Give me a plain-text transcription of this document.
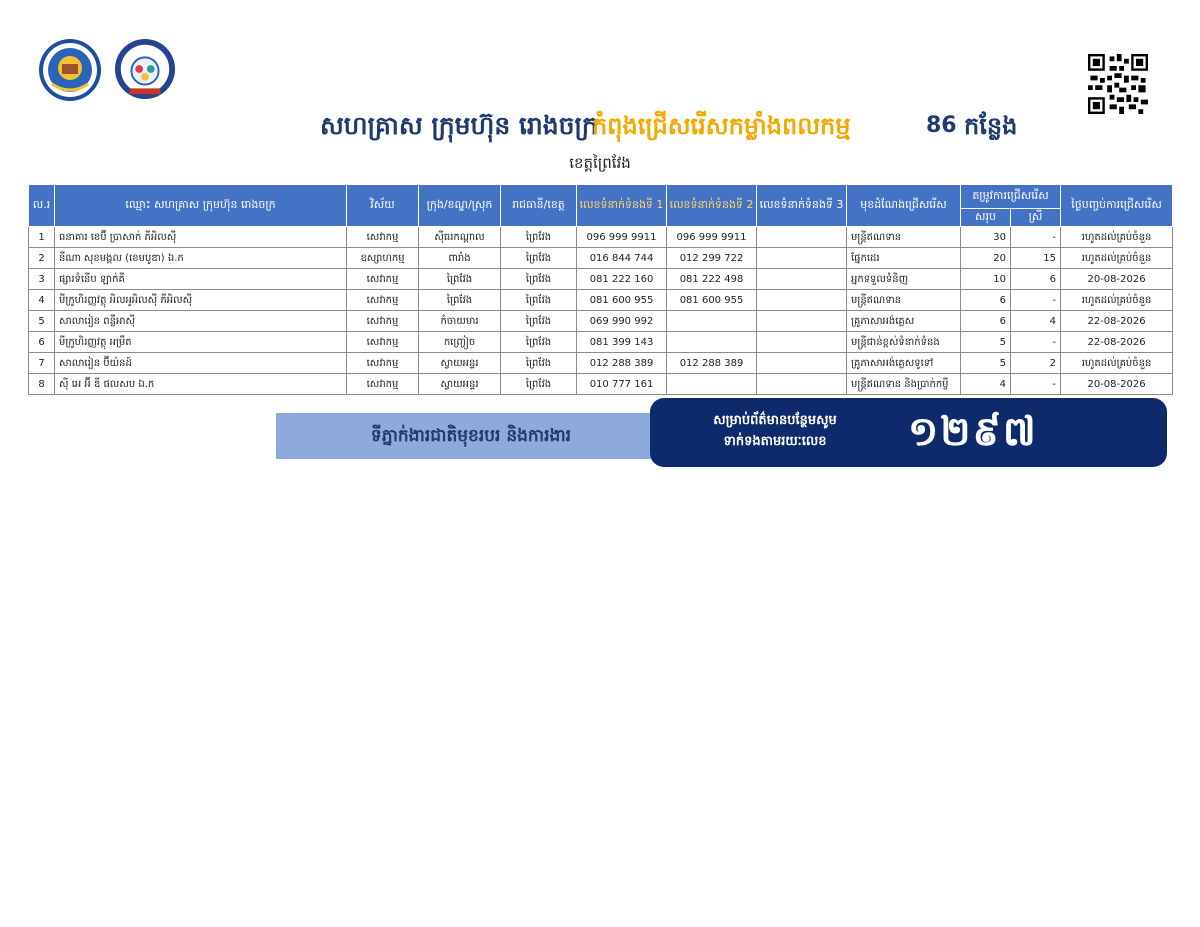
សហគ្រាស ក្រុមហ៊ុន រោងចក្រ
កំពុងជ្រើសរើសកម្លាំងពលកម្ម	86 កន្លែង
ខេត្តព្រៃវែង
ល.រ	ឈ្មោះ សហគ្រាស ក្រុមហ៊ុន រោងចក្រ	វិស័យ	ក្រុង/ខណ្ឌ/ស្រុក	រាជធានី/ខេត្ត	លេខទំនាក់ទំនងទី 1	លេខទំនាក់ទំនងទី 2	លេខទំនាក់ទំនងទី 3	មុខដំណែងជ្រើសរើស	តម្រូវការជ្រើសរើស		ថ្ងៃបញ្ចប់ការជ្រើសរើស
									សរុប	ស្រី	
1	ធនាគារ ខេប៊ី ប្រាសាក់ ភីអិលស៊ី	សេវាកម្ម	ស៊ីធរកណ្ដាល	ព្រៃវែង	096 999 9911	096 999 9911		មន្រ្តីឥណទាន	30	-	រហូតដល់គ្រប់ចំនួន
2	នីណា សុខមង្គល (ខេមបូឌា) ឯ.ក	ឧស្សាហកម្ម	ពារាំង	ព្រៃវែង	016 844 744	012 299 722		ផ្នែកដេរ	20	15	រហូតដល់គ្រប់ចំនួន
3	ផ្សារទំនើប ឡាក់គី	សេវាកម្ម	ព្រៃវែង	ព្រៃវែង	081 222 160	081 222 498		អ្នកទទួលទំនិញ	10	6	20-08-2026
4	មីក្រូហិរញ្ញវត្ថុ អិលអូអិលស៊ី ភីអិលស៊ី	សេវាកម្ម	ព្រៃវែង	ព្រៃវែង	081 600 955	081 600 955		មន្រ្តីឥណទាន	6	-	រហូតដល់គ្រប់ចំនួន
5	សាលារៀន ពន្លឺអាស៊ី	សេវាកម្ម	កំចាយមារ	ព្រៃវែង	069 990 992			គ្រូភាសាអង់គ្លេស	6	4	22-08-2026
6	មីក្រូហិរញ្ញវត្ថុ អម្រឹត	សេវាកម្ម	កញ្ច្រៀច	ព្រៃវែង	081 399 143			មន្រ្តីជាន់ខ្ពស់ទំនាក់ទំនង	5	-	22-08-2026
7	សាលារៀន ប៊ីយ៉នដ៍	សេវាកម្ម	ស្វាយអន្ទរ	ព្រៃវែង	012 288 389	012 288 389		គ្រូភាសាអង់គ្លេសទូទៅ	5	2	រហូតដល់គ្រប់ចំនួន
8	ស៊ី អេ អ៊ី ឌី ផលសប ឯ.ក	សេវាកម្ម	ស្វាយអន្ទរ	ព្រៃវែង	010 777 161			មន្រ្តីឥណទាន និងប្រាក់កម្ចី	4	-	20-08-2026
ទីភ្នាក់ងារជាតិមុខរបរ និងការងារ
សម្រាប់ព័ត៌មានបន្ថែមសូម
ទាក់ទងតាមរយៈលេខ	១២៩៧
